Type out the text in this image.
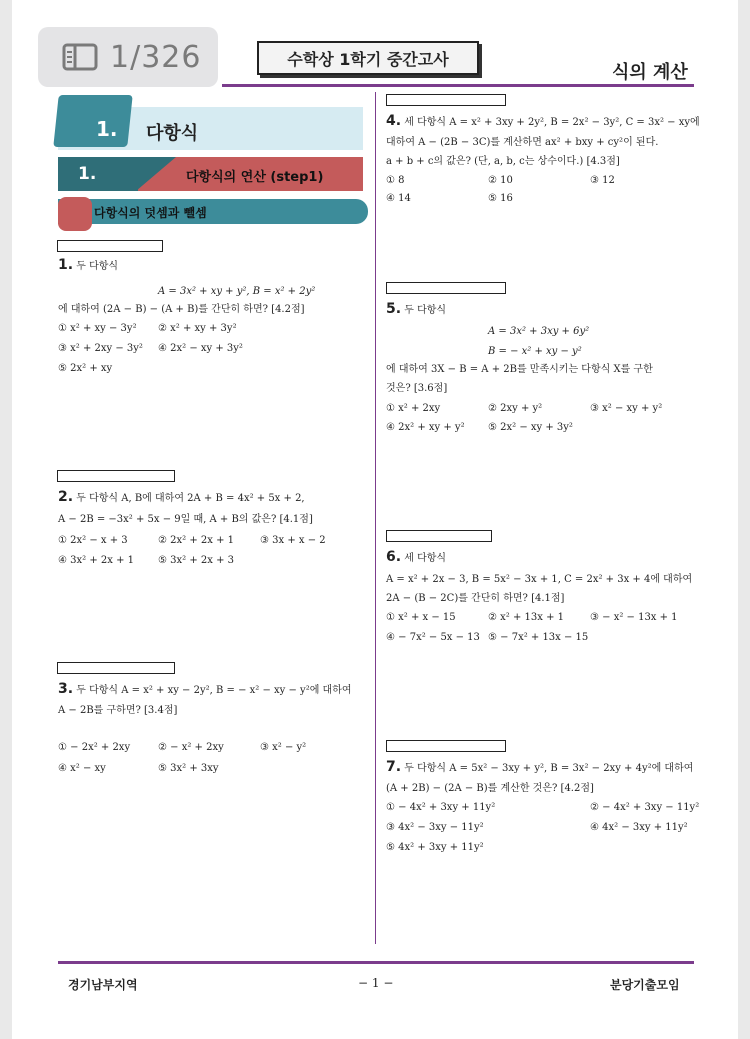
1/326	수학상 1학기 중간고사
식의 계산
1. 다항식
1.	다항식의 연산 (step1)
다항식의 덧셈과 뺄셈
1. 두 다항식
A = 3x² + xy + y², B = x² + 2y²
에 대하여 (2A − B) − (A + B)를 간단히 하면? [4.2점]
① x² + xy − 3y² ② x² + xy + 3y²
③ x² + 2xy − 3y² ④ 2x² − xy + 3y²
⑤ 2x² + xy
2. 두 다항식 A, B에 대하여 2A + B = 4x² + 5x + 2,
A − 2B = −3x² + 5x − 9일 때, A + B의 값은? [4.1점]
① 2x² − x + 3	② 2x² + 2x + 1	③ 3x + x − 2
④ 3x² + 2x + 1 ⑤ 3x² + 2x + 3
3. 두 다항식 A = x² + xy − 2y², B = − x² − xy − y²에 대하여
A − 2B를 구하면? [3.4점]
① − 2x² + 2xy	② − x² + 2xy	③ x² − y²
④ x² − xy	⑤ 3x² + 3xy
4. 세 다항식 A = x² + 3xy + 2y², B = 2x² − 3y², C = 3x² − xy에
대하여 A − (2B − 3C)를 계산하면 ax² + bxy + cy²이 된다.
a + b + c의 값은? (단, a, b, c는 상수이다.) [4.3점]
① 8	② 10	③ 12
④ 14	⑤ 16
5. 두 다항식
A = 3x² + 3xy + 6y²
B = − x² + xy − y²
에 대하여 3X − B = A + 2B를 만족시키는 다항식 X를 구한
것은? [3.6점]
① x² + 2xy	② 2xy + y²	③ x² − xy + y²
④ 2x² + xy + y² ⑤ 2x² − xy + 3y²
6. 세 다항식
A = x² + 2x − 3, B = 5x² − 3x + 1, C = 2x² + 3x + 4에 대하여
2A − (B − 2C)를 간단히 하면? [4.1점]
① x² + x − 15	② x² + 13x + 1	③ − x² − 13x + 1
④ − 7x² − 5x − 13 ⑤ − 7x² + 13x − 15
7. 두 다항식 A = 5x² − 3xy + y², B = 3x² − 2xy + 4y²에 대하여
(A + 2B) − (2A − B)를 계산한 것은? [4.2점]
① − 4x² + 3xy + 11y²	② − 4x² + 3xy − 11y²
③ 4x² − 3xy − 11y²	④ 4x² − 3xy + 11y²
⑤ 4x² + 3xy + 11y²
경기남부지역	− 1 −	분당기출모임
